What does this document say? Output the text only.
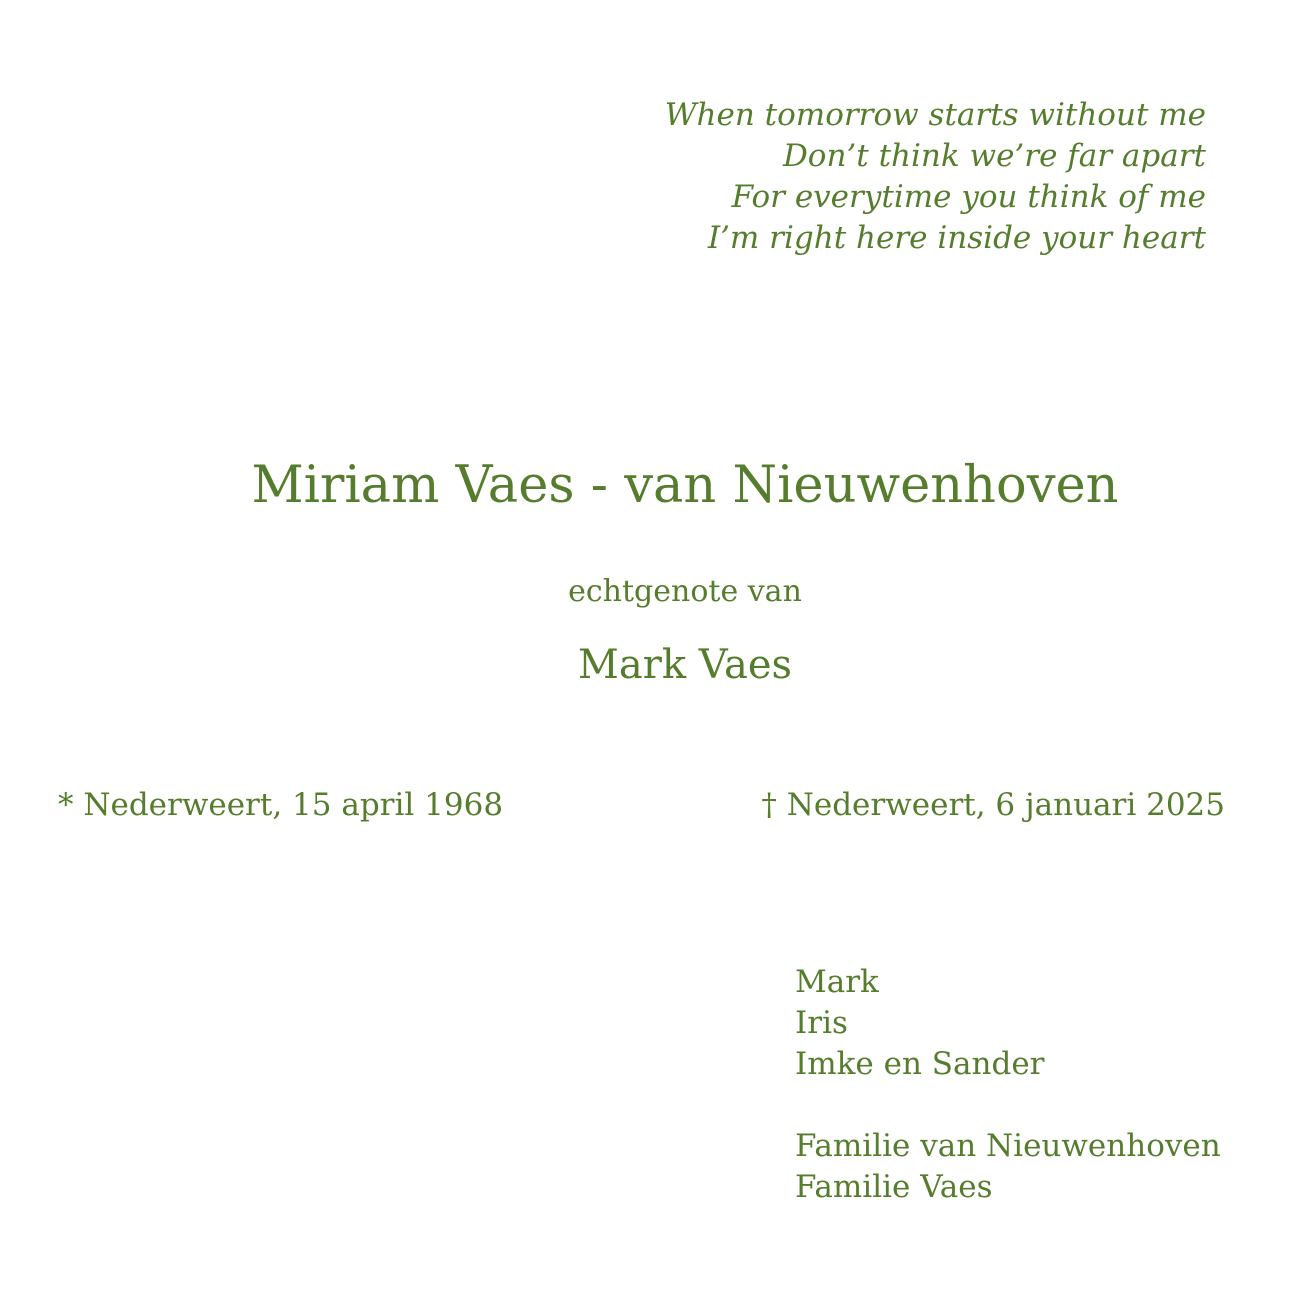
When tomorrow starts without me
Don’t think we’re far apart
For everytime you think of me
I’m right here inside your heart
Miriam Vaes - van Nieuwenhoven
echtgenote van
Mark Vaes
* Nederweert, 15 april 1968	† Nederweert, 6 januari 2025
Mark
Iris
Imke en Sander
Familie van Nieuwenhoven
Familie Vaes
